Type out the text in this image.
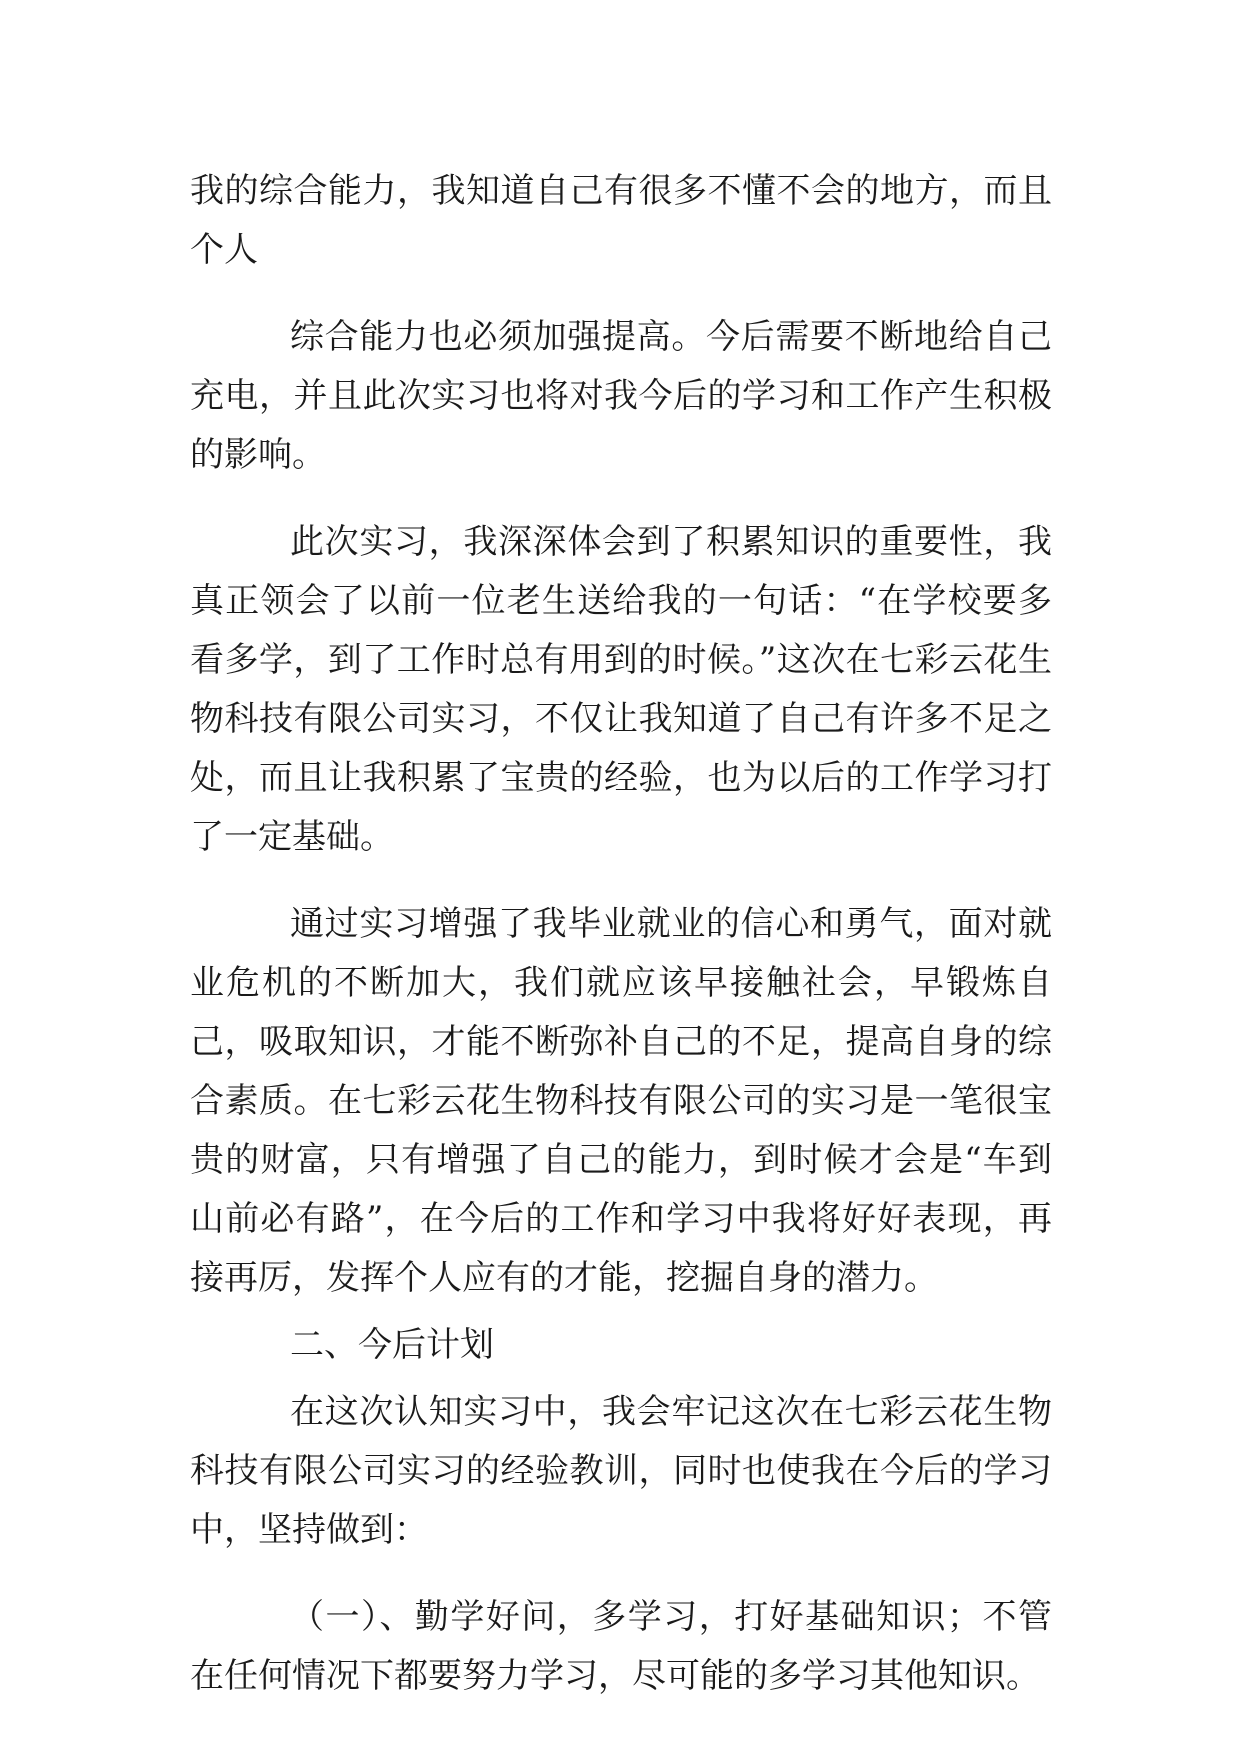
我的综合能力，我知道自己有很多不懂不会的地方，而且个人

综合能力也必须加强提高。今后需要不断地给自己充电，并且此次实习也将对我今后的学习和工作产生积极的影响。

此次实习，我深深体会到了积累知识的重要性，我真正领会了以前一位老生送给我的一句话：“在学校要多看多学，到了工作时总有用到的时候。”这次在七彩云花生物科技有限公司实习，不仅让我知道了自己有许多不足之处，而且让我积累了宝贵的经验，也为以后的工作学习打了一定基础。

通过实习增强了我毕业就业的信心和勇气，面对就业危机的不断加大，我们就应该早接触社会，早锻炼自己，吸取知识，才能不断弥补自己的不足，提高自身的综合素质。在七彩云花生物科技有限公司的实习是一笔很宝贵的财富，只有增强了自己的能力，到时候才会是“车到山前必有路”，在今后的工作和学习中我将好好表现，再接再厉，发挥个人应有的才能，挖掘自身的潜力。

二、今后计划

在这次认知实习中，我会牢记这次在七彩云花生物科技有限公司实习的经验教训，同时也使我在今后的学习中，坚持做到：

（一）、勤学好问，多学习，打好基础知识；不管在任何情况下都要努力学习，尽可能的多学习其他知识。
